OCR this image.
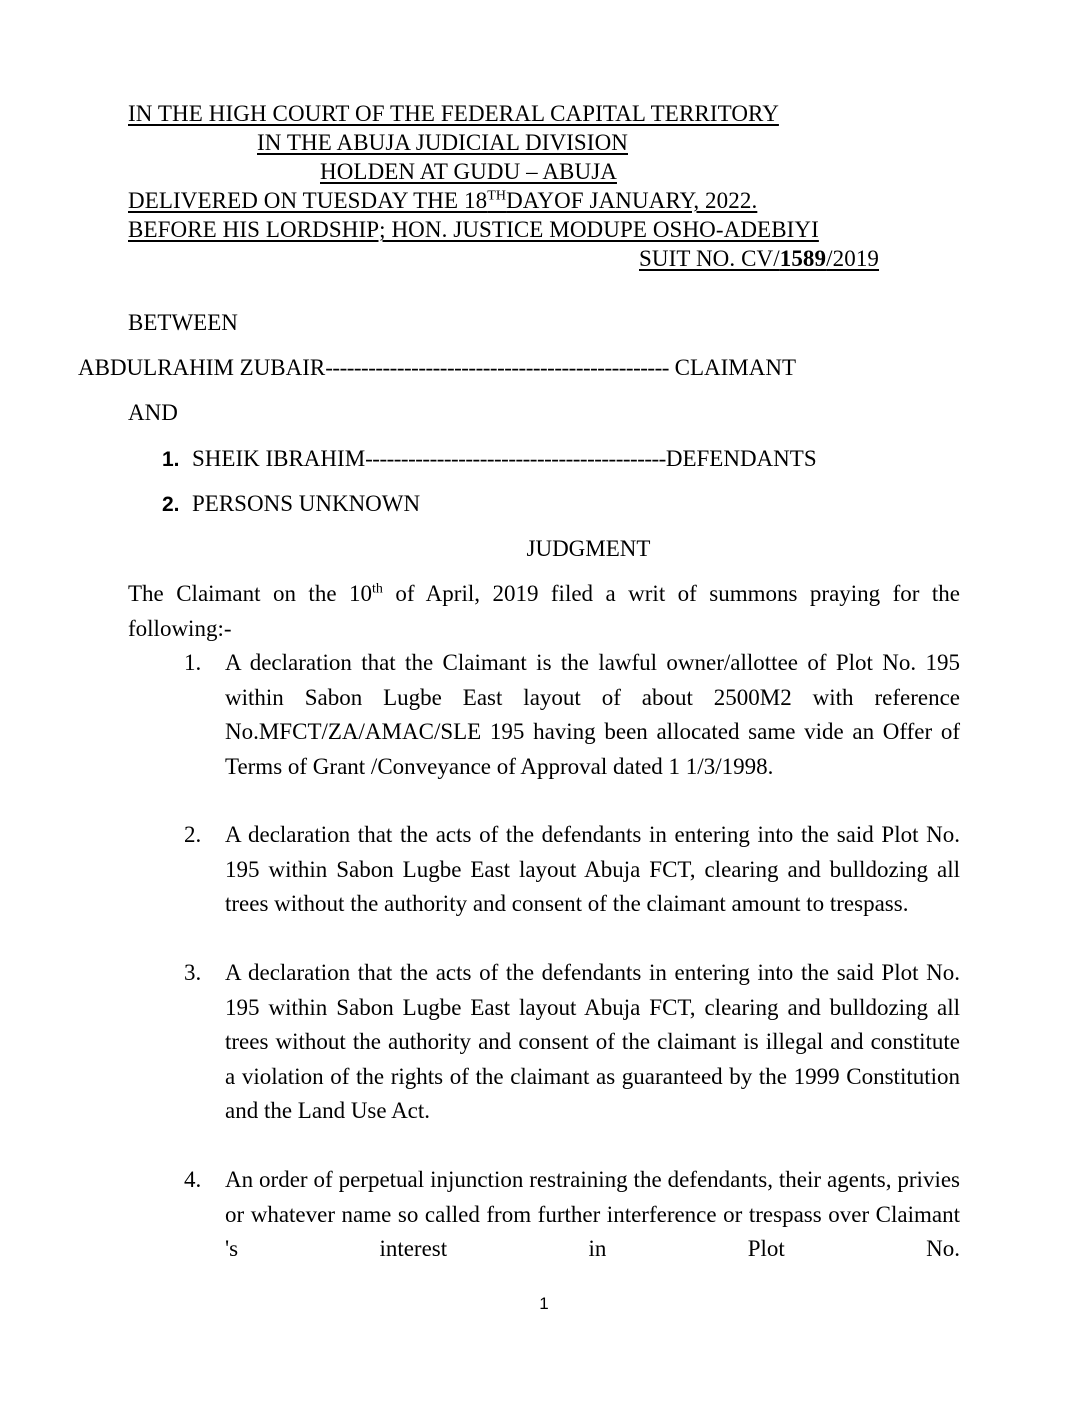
IN THE HIGH COURT OF THE FEDERAL CAPITAL TERRITORY
IN THE ABUJA JUDICIAL DIVISION
HOLDEN AT GUDU – ABUJA
DELIVERED ON TUESDAY THE 18THDAYOF JANUARY, 2022.
BEFORE HIS LORDSHIP; HON. JUSTICE MODUPE OSHO-ADEBIYI
SUIT NO. CV/1589/2019
BETWEEN
ABDULRAHIM ZUBAIR------------------------------------------------ CLAIMANT
AND
1. SHEIK IBRAHIM------------------------------------------DEFENDANTS
2. PERSONS UNKNOWN
JUDGMENT
The Claimant on the 10th of April, 2019 filed a writ of summons praying for the following:-
1.	A declaration that the Claimant is the lawful owner/allottee of Plot No. 195 within Sabon Lugbe East layout of about 2500M2 with reference No.MFCT/ZA/AMAC/SLE 195 having been allocated same vide an Offer of Terms of Grant /Conveyance of Approval dated 1 1/3/1998.
2.	A declaration that the acts of the defendants in entering into the said Plot No. 195 within Sabon Lugbe East layout Abuja FCT, clearing and bulldozing all trees without the authority and consent of the claimant amount to trespass.
3.	A declaration that the acts of the defendants in entering into the said Plot No. 195 within Sabon Lugbe East layout Abuja FCT, clearing and bulldozing all trees without the authority and consent of the claimant is illegal and constitute a violation of the rights of the claimant as guaranteed by the 1999 Constitution and the Land Use Act.
4.	An order of perpetual injunction restraining the defendants, their agents, privies or whatever name so called from further interference or trespass over Claimant 's interest in Plot No.
1
